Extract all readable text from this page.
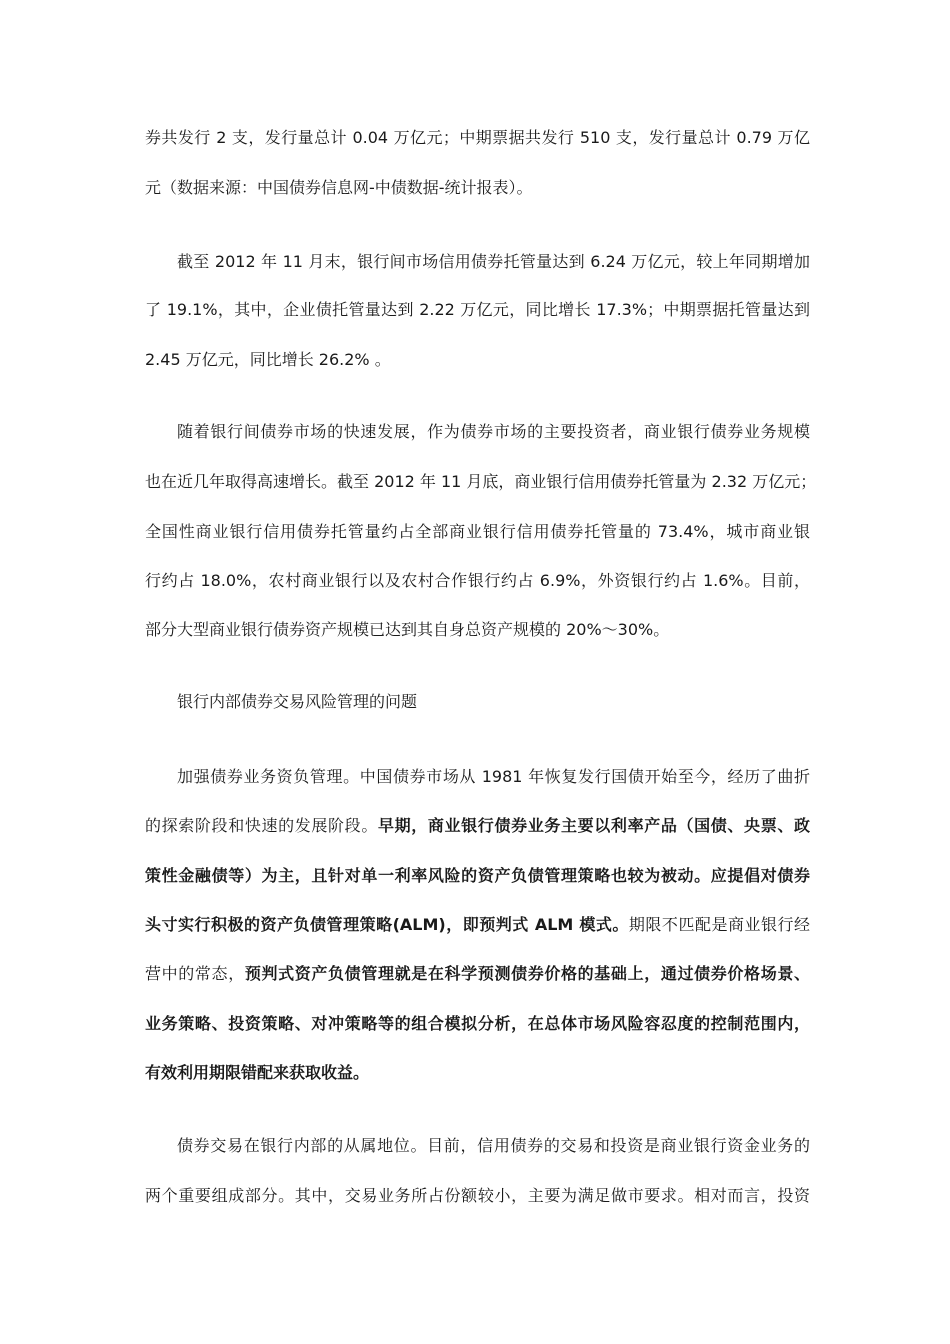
券共发行 2 支，发行量总计 0.04 万亿元；中期票据共发行 510 支，发行量总计 0.79 万亿
元（数据来源：中国债券信息网-中债数据-统计报表）。
截至 2012 年 11 月末，银行间市场信用债券托管量达到 6.24 万亿元，较上年同期增加
了 19.1%，其中，企业债托管量达到 2.22 万亿元，同比增长 17.3%；中期票据托管量达到
2.45 万亿元，同比增长 26.2% 。
随着银行间债券市场的快速发展，作为债券市场的主要投资者，商业银行债券业务规模
也在近几年取得高速增长。截至 2012 年 11 月底，商业银行信用债券托管量为 2.32 万亿元；
全国性商业银行信用债券托管量约占全部商业银行信用债券托管量的 73.4%，城市商业银
行约占 18.0%，农村商业银行以及农村合作银行约占 6.9%，外资银行约占 1.6%。目前，
部分大型商业银行债券资产规模已达到其自身总资产规模的 20%～30%。
银行内部债券交易风险管理的问题
加强债券业务资负管理。中国债券市场从 1981 年恢复发行国债开始至今，经历了曲折
的探索阶段和快速的发展阶段。早期，商业银行债券业务主要以利率产品（国债、央票、政
策性金融债等）为主，且针对单一利率风险的资产负债管理策略也较为被动。应提倡对债券
头寸实行积极的资产负债管理策略(ALM)，即预判式 ALM 模式。期限不匹配是商业银行经
营中的常态，预判式资产负债管理就是在科学预测债券价格的基础上，通过债券价格场景、
业务策略、投资策略、对冲策略等的组合模拟分析，在总体市场风险容忍度的控制范围内，
有效利用期限错配来获取收益。
债券交易在银行内部的从属地位。目前，信用债券的交易和投资是商业银行资金业务的
两个重要组成部分。其中，交易业务所占份额较小，主要为满足做市要求。相对而言，投资
